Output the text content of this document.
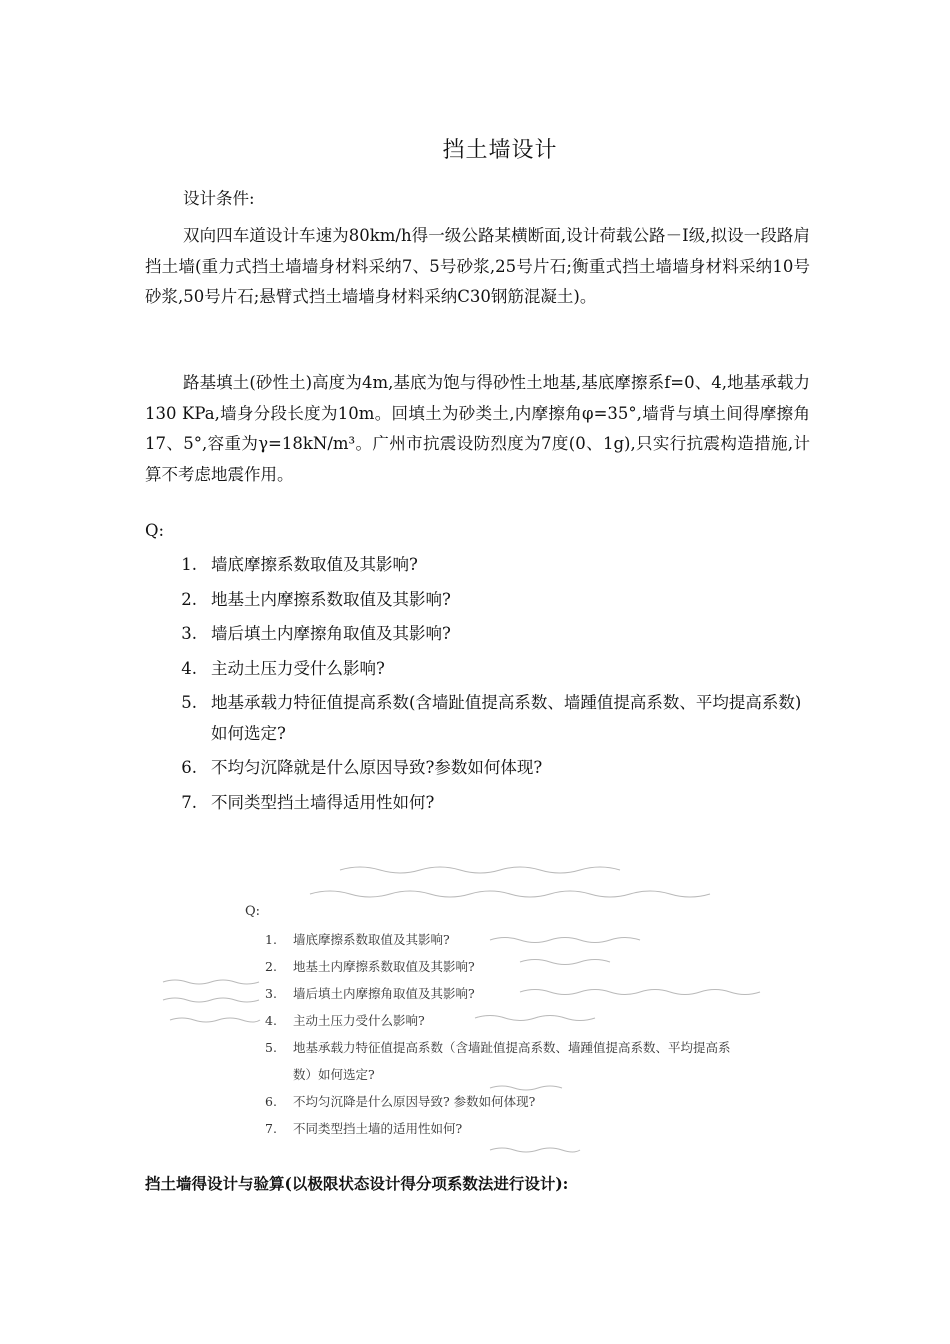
挡土墙设计
设计条件:
双向四车道设计车速为80km/h得一级公路某横断面,设计荷载公路－I级,拟设一段路肩挡土墙(重力式挡土墙墙身材料采纳7、5号砂浆,25号片石;衡重式挡土墙墙身材料采纳10号砂浆,50号片石;悬臂式挡土墙墙身材料采纳C30钢筋混凝土)。
路基填土(砂性土)高度为4m,基底为饱与得砂性土地基,基底摩擦系f=0、4,地基承载力130 KPa,墙身分段长度为10m。回填土为砂类土,内摩擦角φ=35°,墙背与填土间得摩擦角17、5°,容重为γ=18kN/m³。广州市抗震设防烈度为7度(0、1g),只实行抗震构造措施,计算不考虑地震作用。
Q:
1. 墙底摩擦系数取值及其影响?
2. 地基土内摩擦系数取值及其影响?
3. 墙后填土内摩擦角取值及其影响?
4. 主动土压力受什么影响?
5. 地基承载力特征值提高系数(含墙趾值提高系数、墙踵值提高系数、平均提高系数)如何选定?
6. 不均匀沉降就是什么原因导致?参数如何体现?
7. 不同类型挡土墙得适用性如何?
Q:
1.	墙底摩擦系数取值及其影响?
2.	地基土内摩擦系数取值及其影响?
3.	墙后填土内摩擦角取值及其影响?
4.	主动土压力受什么影响?
5.	地基承载力特征值提高系数（含墙趾值提高系数、墙踵值提高系数、平均提高系数）如何选定?
6.	不均匀沉降是什么原因导致? 参数如何体现?
7.	不同类型挡土墙的适用性如何?
挡土墙得设计与验算(以极限状态设计得分项系数法进行设计):
